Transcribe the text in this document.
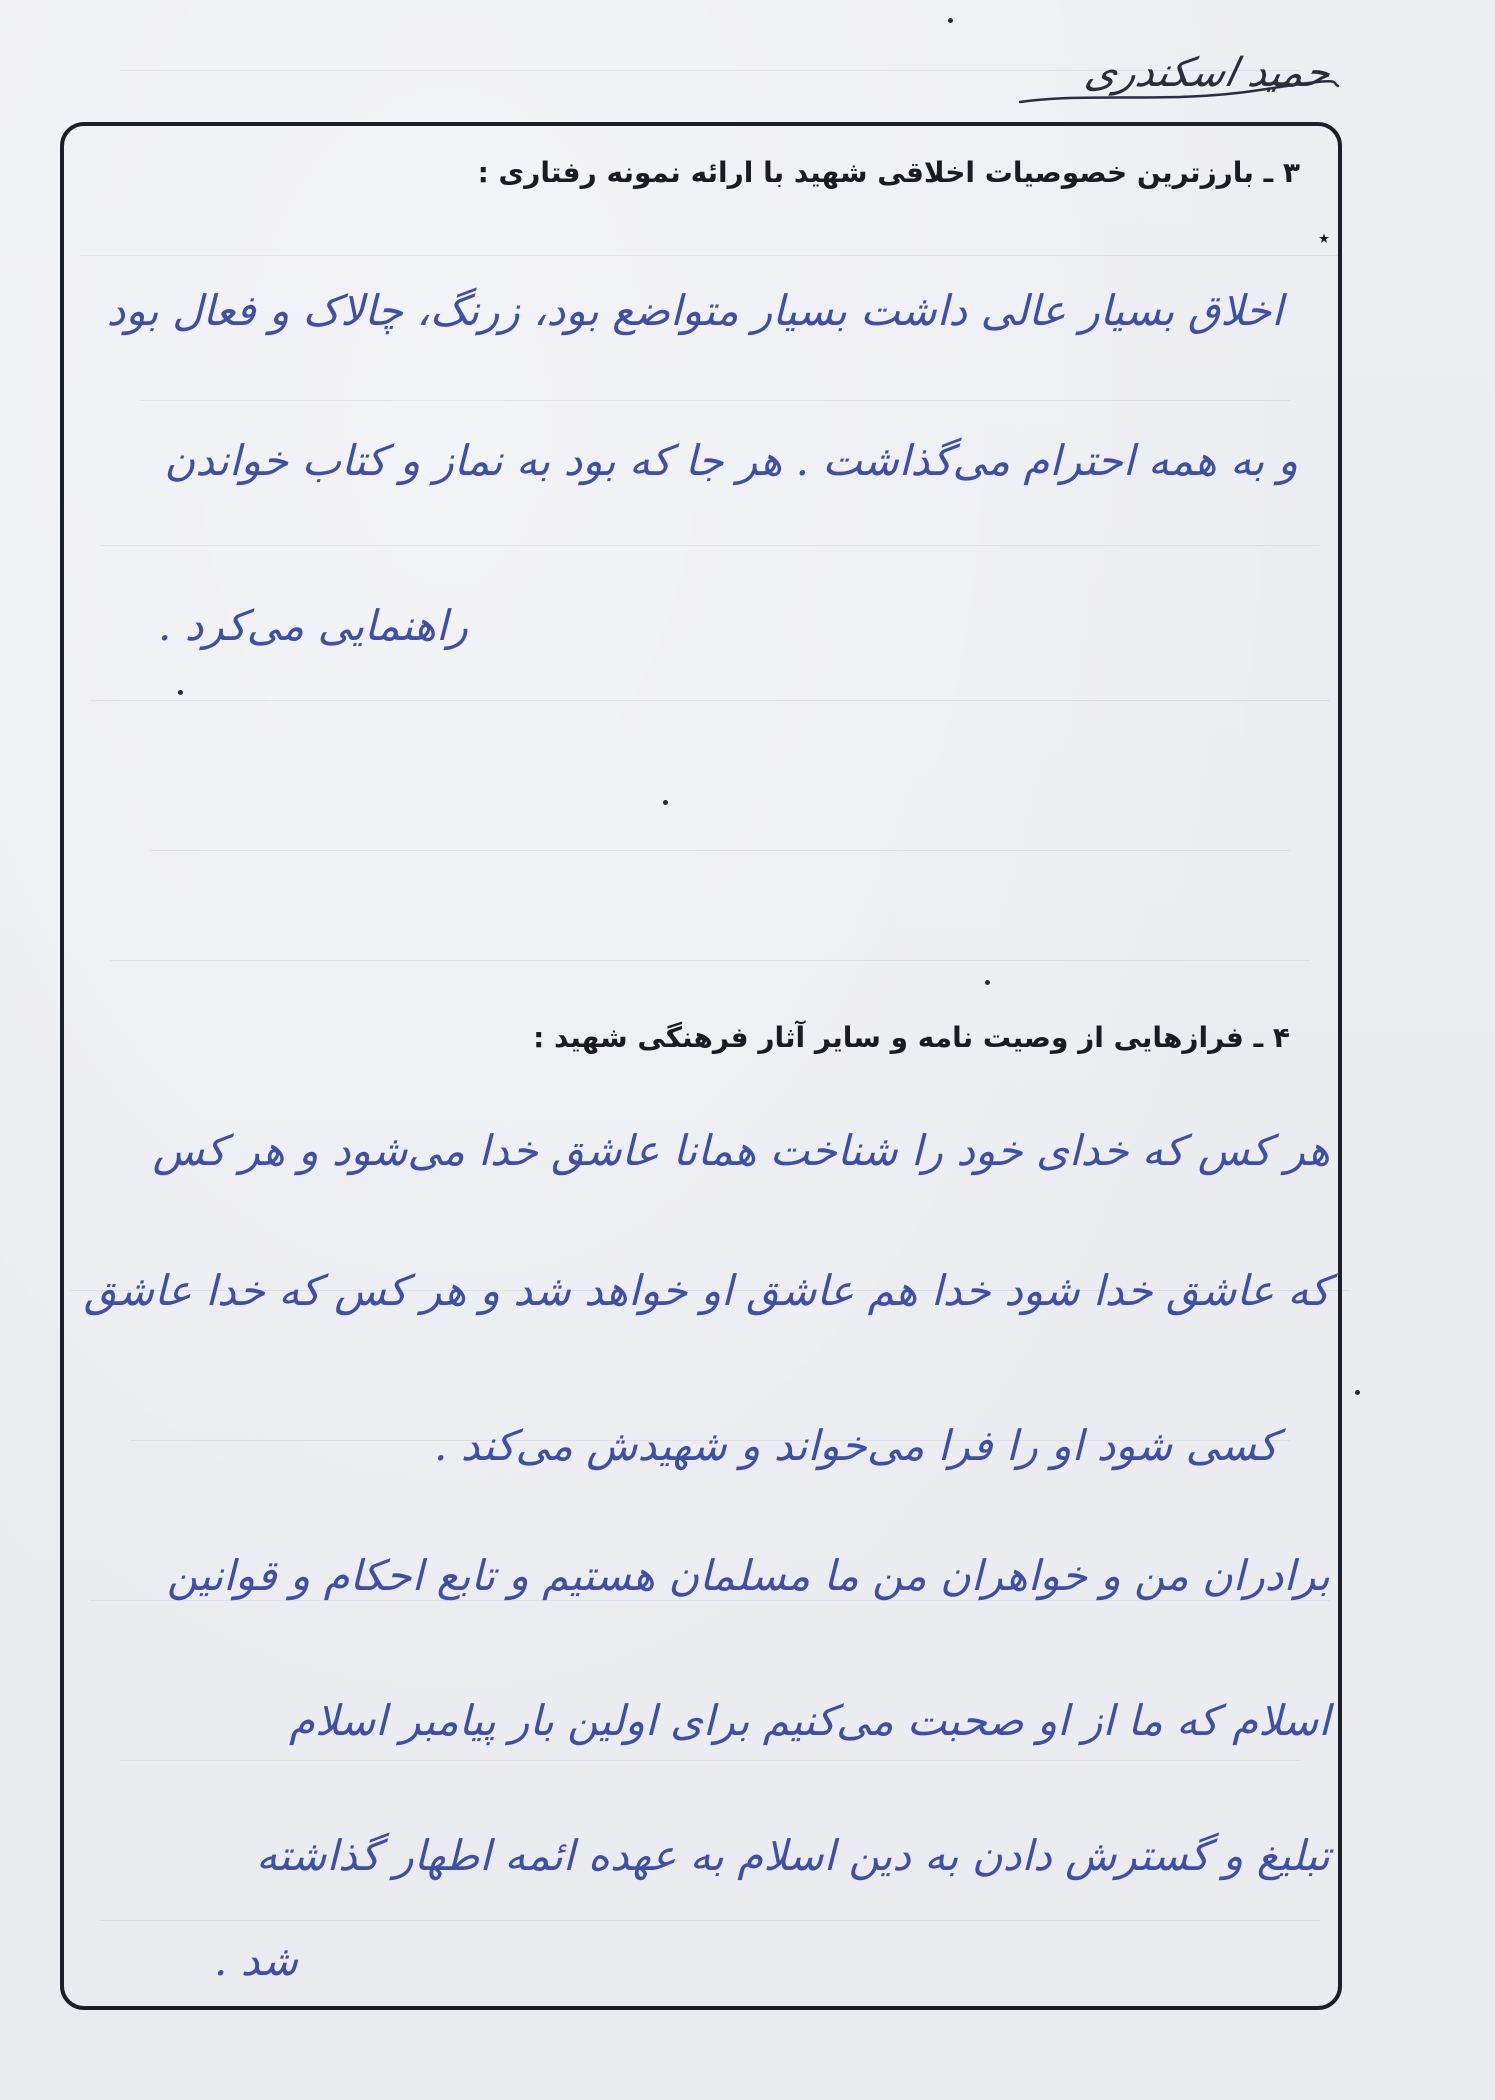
حمید اسکندری
۳ ـ بارزترین خصوصیات اخلاقی شهید با ارائه نمونه رفتاری :
٭
اخلاق بسیار عالی داشت بسیار متواضع بود، زرنگ، چالاک و فعال بود
و به همه احترام می‌گذاشت . هر جا که بود به نماز و کتاب خواندن
راهنمایی می‌کرد .
۴ ـ فرازهایی از وصیت نامه و سایر آثار فرهنگی شهید :
هر کس که خدای خود را شناخت همانا عاشق خدا می‌شود و هر کس
که عاشق خدا شود خدا هم عاشق او خواهد شد و هر کس که خدا عاشق
کسی شود او را فرا می‌خواند و شهیدش می‌کند .
برادران من و خواهران من ما مسلمان هستیم و تابع احکام و قوانین
اسلام که ما از او صحبت می‌کنیم برای اولین بار پیامبر اسلام
تبلیغ و گسترش دادن به دین اسلام به عهده ائمه اطهار گذاشته
شد .
